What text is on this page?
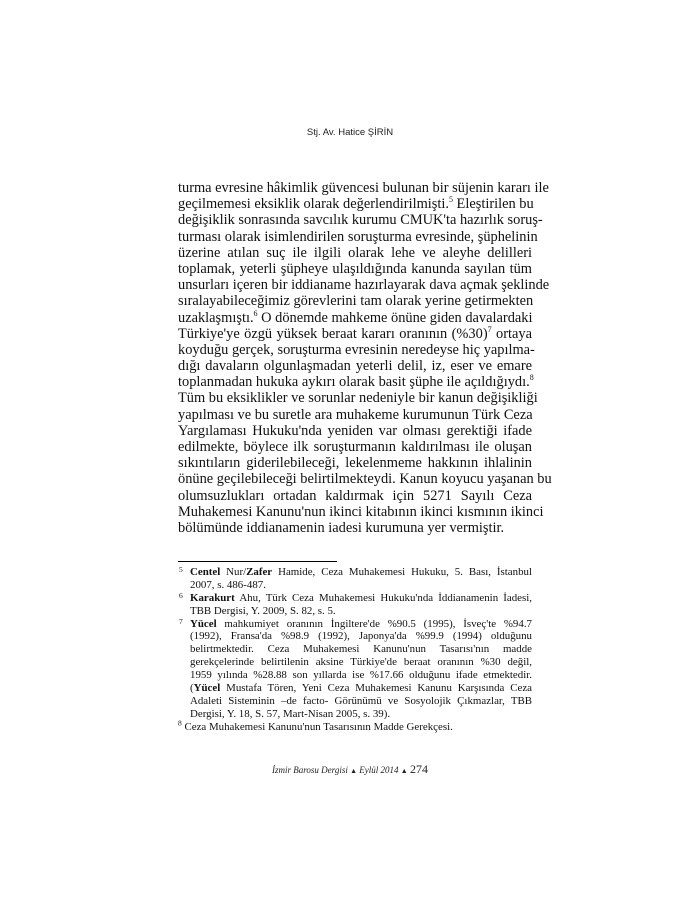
Stj. Av. Hatice ŞİRİN
turma evresine hâkimlik güvencesi bulunan bir süjenin kararı ile
geçilmemesi eksiklik olarak değerlendirilmişti.$^5$ Eleştirilen bu
değişiklik sonrasında savcılık kurumu CMUK'ta hazırlık soruş-
turması olarak isimlendirilen soruşturma evresinde, şüphelinin
üzerine atılan suç ile ilgili olarak lehe ve aleyhe delilleri
toplamak, yeterli şüpheye ulaşıldığında kanunda sayılan tüm
unsurları içeren bir iddianame hazırlayarak dava açmak şeklinde
sıralayabileceğimiz görevlerini tam olarak yerine getirmekten
uzaklaşmıştı.$^6$ O dönemde mahkeme önüne giden davalardaki
Türkiye'ye özgü yüksek beraat kararı oranının $(\%30)^7$ ortaya
koyduğu gerçek, soruşturma evresinin neredeyse hiç yapılma-
dığı davaların olgunlaşmadan yeterli delil, iz, eser ve emare
toplanmadan hukuka aykırı olarak basit şüphe ile açıldığıydı.$^8$
Tüm bu eksiklikler ve sorunlar nedeniyle bir kanun değişikliği
yapılması ve bu suretle ara muhakeme kurumunun Türk Ceza
Yargılaması Hukuku'nda yeniden var olması gerektiği ifade
edilmekte, böylece ilk soruşturmanın kaldırılması ile oluşan
sıkıntıların giderilebileceği, lekelenmeme hakkının ihlalinin
önüne geçilebileceği belirtilmekteydi. Kanun koyucu yaşanan bu
olumsuzlukları ortadan kaldırmak için 5271 Sayılı Ceza
Muhakemesi Kanunu'nun ikinci kitabının ikinci kısmının ikinci
bölümünde iddianamenin iadesi kurumuna yer vermiştir.
5 Centel Nur/Zafer Hamide, Ceza Muhakemesi Hukuku, 5. Bası, İstanbul
2007, s. 486-487.
6 Karakurt Ahu, Türk Ceza Muhakemesi Hukuku'nda İddianamenin İadesi,
TBB Dergisi, Y. 2009, S. 82, s. 5.
7 Yücel mahkumiyet oranının İngiltere'de %90.5 (1995), İsveç'te %94.7
(1992), Fransa'da %98.9 (1992), Japonya'da %99.9 (1994) olduğunu
belirtmektedir. Ceza Muhakemesi Kanunu'nun Tasarısı'nın madde
gerekçelerinde belirtilenin aksine Türkiye'de beraat oranının %30 değil,
1959 yılında %28.88 son yıllarda ise %17.66 olduğunu ifade etmektedir.
(Yücel Mustafa Tören, Yeni Ceza Muhakemesi Kanunu Karşısında Ceza
Adaleti Sisteminin –de facto- Görünümü ve Sosyolojik Çıkmazlar, TBB
Dergisi, Y. 18, S. 57, Mart-Nisan 2005, s. 39).
$^8$ Ceza Muhakemesi Kanunu'nun Tasarısının Madde Gerekçesi.
İzmir Barosu Dergisi ▲ Eylül 2014 ▲ 274
